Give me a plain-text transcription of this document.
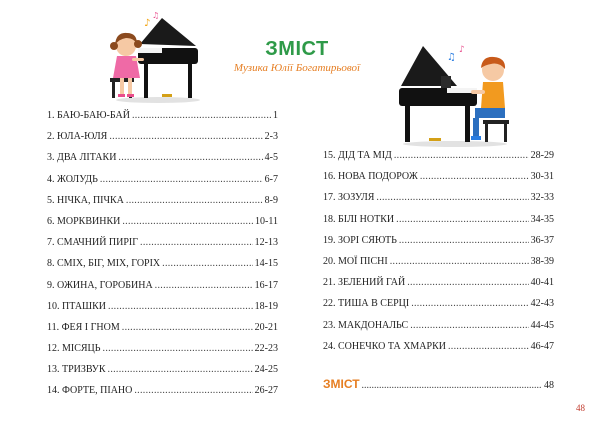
♪
♫
♫
♪
ЗМІСТ
Музика Юлії Богатирьової
1. БАЮ-БАЮ-БАЙ .....	1
2. ЮЛА-ЮЛЯ .....	2-3
3. ДВА ЛІТАКИ .....	4-5
4. ЖОЛУДЬ .....	6-7
5. НІЧКА, ПІЧКА .....	8-9
6. МОРКВИНКИ .....	10-11
7. СМАЧНИЙ ПИРІГ .....	12-13
8. СМІХ, БІГ, МІХ, ГОРІХ .....	14-15
9. ОЖИНА, ГОРОБИНА .....	16-17
10. ПТАШКИ .....	18-19
11. ФЕЯ І ГНОМ .....	20-21
12. МІСЯЦЬ .....	22-23
13. ТРИЗВУК .....	24-25
14. ФОРТЕ, ПІАНО .....	26-27
15. ДІД ТА МІД .....	28-29
16. НОВА ПОДОРОЖ .....	30-31
17. ЗОЗУЛЯ .....	32-33
18. БІЛІ НОТКИ .....	34-35
19. ЗОРІ СЯЮТЬ .....	36-37
20. МОЇ ПІСНІ .....	38-39
21. ЗЕЛЕНИЙ ГАЙ .....	40-41
22. ТИША В СЕРЦІ .....	42-43
23. МАКДОНАЛЬС .....	44-45
24. СОНЕЧКО ТА ХМАРКИ .....	46-47
ЗМІСТ .....	48
48
